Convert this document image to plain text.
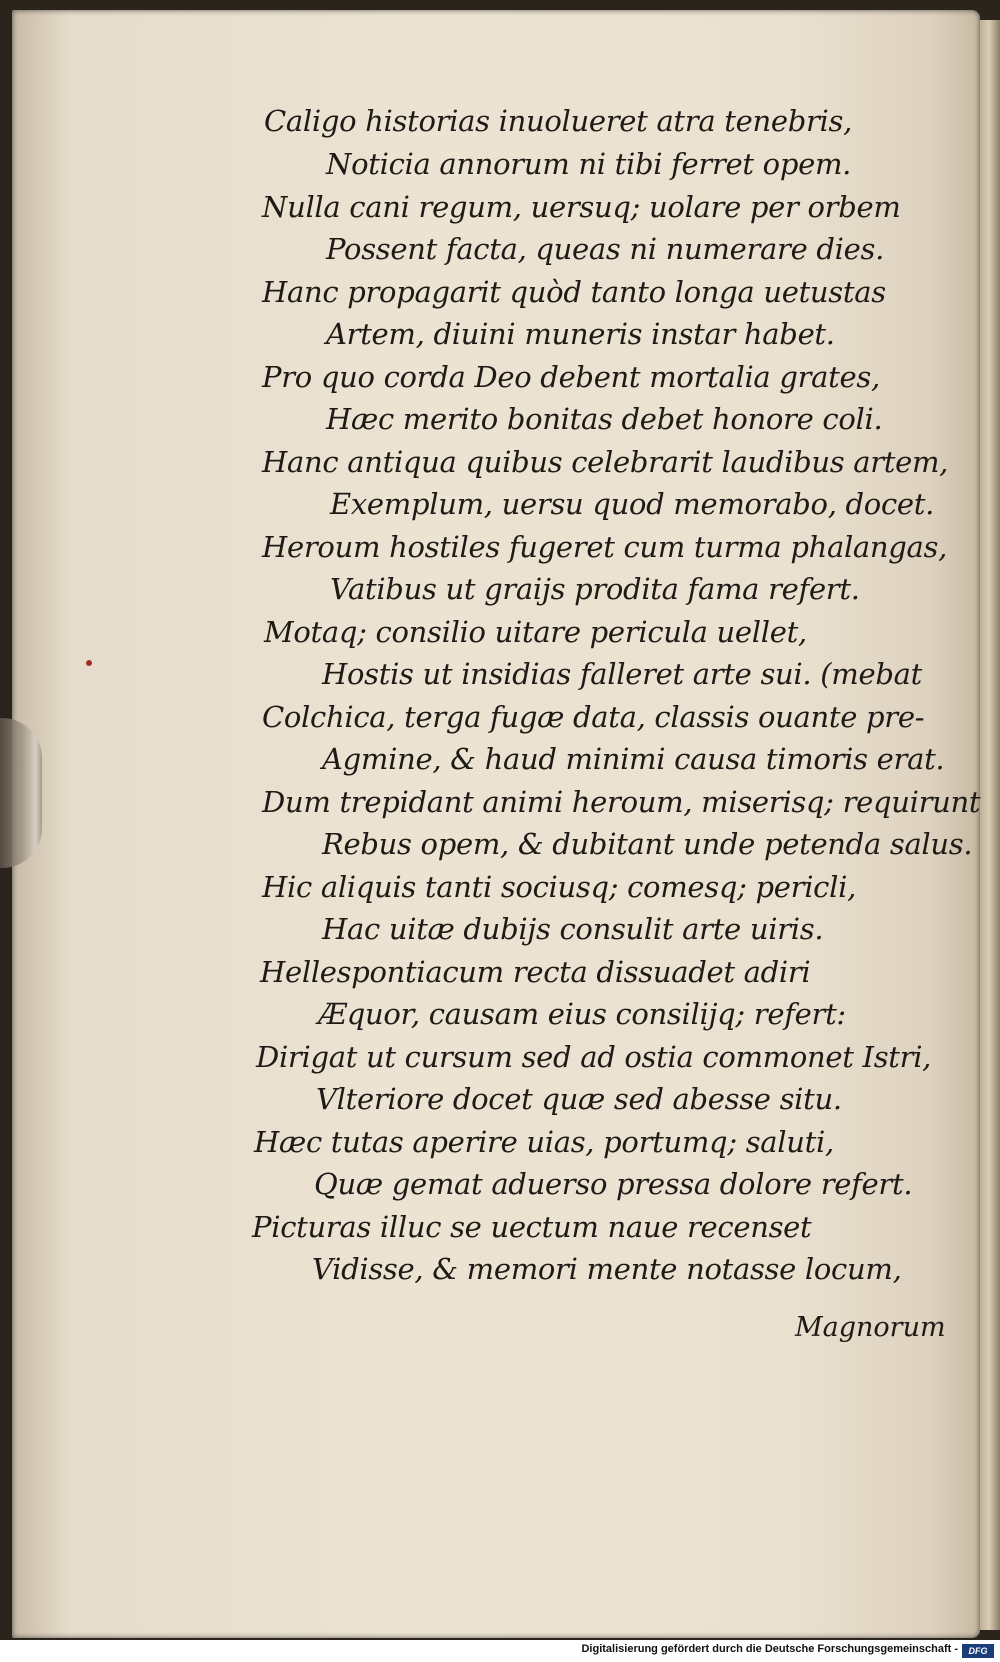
Caligo historias inuolueret atra tenebris,
Noticia annorum ni tibi ferret opem.
Nulla cani regum, uersuq; uolare per orbem
Possent facta, queas ni numerare dies.
Hanc propagarit quòd tanto longa uetustas
Artem, diuini muneris instar habet.
Pro quo corda Deo debent mortalia grates,
Hæc merito bonitas debet honore coli.
Hanc antiqua quibus celebrarit laudibus artem,
Exemplum, uersu quod memorabo, docet.
Heroum hostiles fugeret cum turma phalangas,
Vatibus ut graijs prodita fama refert.
Motaq; consilio uitare pericula uellet,
Hostis ut insidias falleret arte sui. (mebat
Colchica, terga fugæ data, classis ouante pre-
Agmine, & haud minimi causa timoris erat.
Dum trepidant animi heroum, miserisq; requirunt
Rebus opem, & dubitant unde petenda salus.
Hic aliquis tanti sociusq; comesq; pericli,
Hac uitæ dubijs consulit arte uiris.
Hellespontiacum recta dissuadet adiri
Æquor, causam eius consilijq; refert:
Dirigat ut cursum sed ad ostia commonet Istri,
Vlteriore docet quæ sed abesse situ.
Hæc tutas aperire uias, portumq; saluti,
Quæ gemat aduerso pressa dolore refert.
Picturas illuc se uectum naue recenset
Vidisse, & memori mente notasse locum,
Magnorum
Digitalisierung gefördert durch die Deutsche Forschungsgemeinschaft -	DFG
